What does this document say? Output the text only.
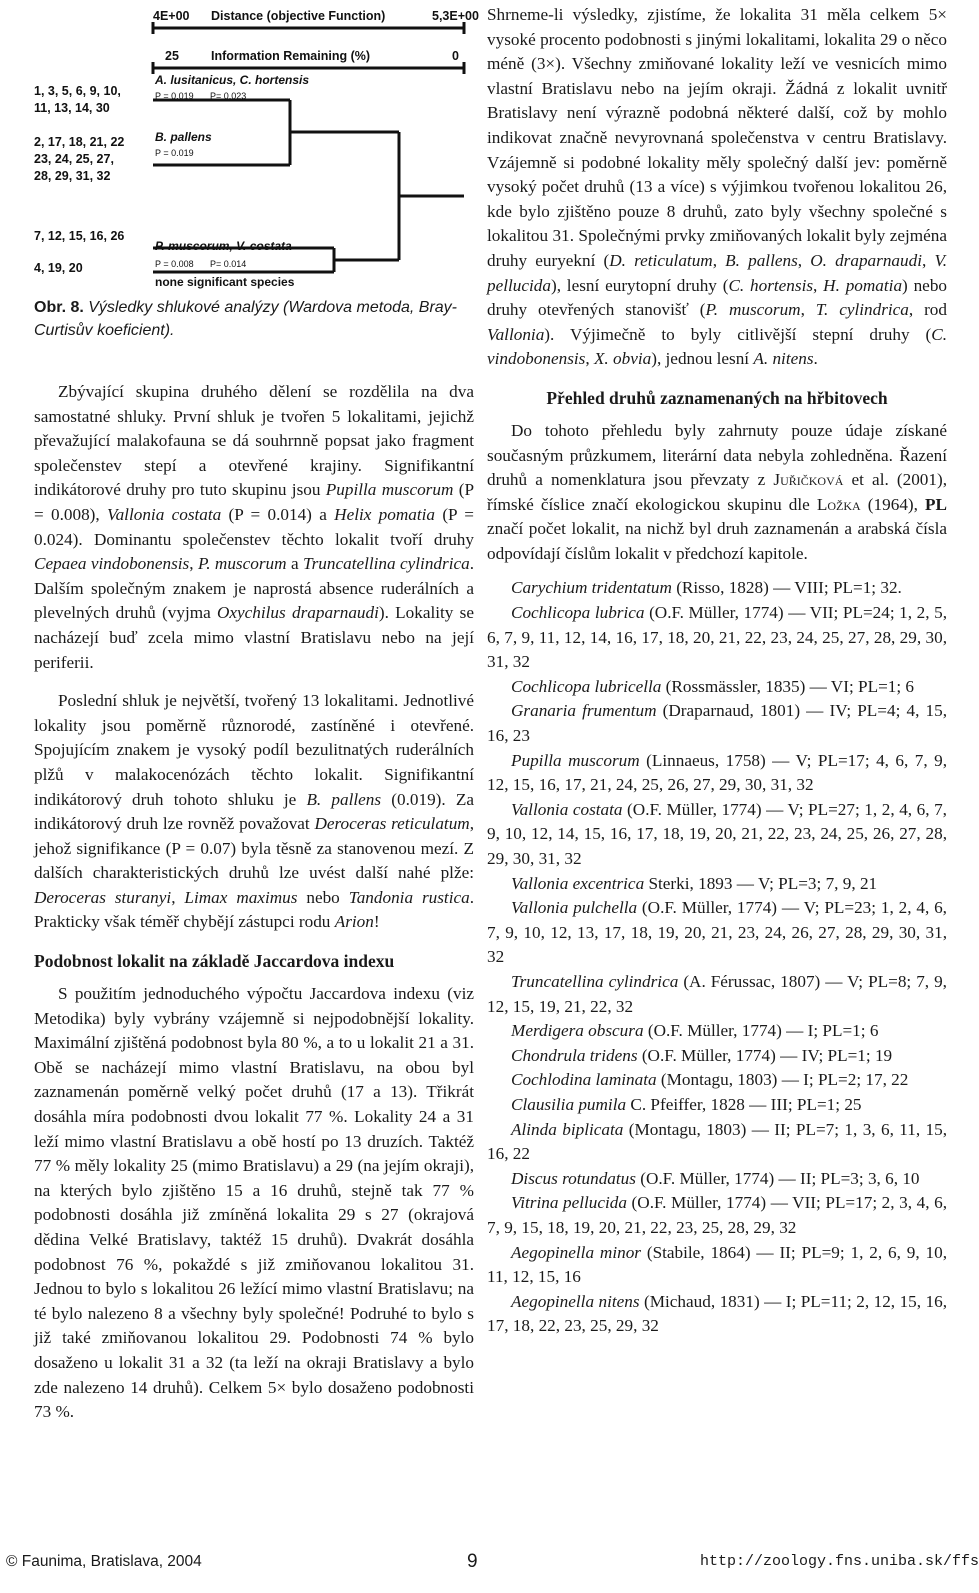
4E+00 Distance (objective Function)	5,3E+00
25	Information Remaining (%)	0
1, 3, 5, 6, 9, 10,
11, 13, 14, 30
2, 17, 18, 21, 22
23, 24, 25, 27,
28, 29, 31, 32
7, 12, 15, 16, 26
4, 19, 20
A. lusitanicus, C. hortensis
B. pallens
P. muscorum, V. costata
none significant species
P = 0.019 P= 0.023
P = 0.019
P = 0.008 P= 0.014

Obr. 8. Výsledky shlukové analýzy (Wardova metoda, Bray-Curtisův koeficient).

Zbývající skupina druhého dělení se rozdělila na dva samostatné shluky. První shluk je tvořen 5 lokalitami, jejichž převažující malakofauna se dá souhrnně popsat jako fragment společenstev stepí a otevřené krajiny. Signifikantní indikátorové druhy pro tuto skupinu jsou Pupilla muscorum (P = 0.008), Vallonia costata (P = 0.014) a Helix pomatia (P = 0.024). Dominantu společenstev těchto lokalit tvoří druhy Cepaea vindobonensis, P. muscorum a Truncatellina cylindrica. Dalším společným znakem je naprostá absence ruderálních a plevelných druhů (vyjma Oxychilus draparnaudi). Lokality se nacházejí buď zcela mimo vlastní Bratislavu nebo na její periferii.

Poslední shluk je největší, tvořený 13 lokalitami. Jednotlivé lokality jsou poměrně různorodé, zastíněné i otevřené. Spojujícím znakem je vysoký podíl bezulitnatých ruderálních plžů v malakocenózách těchto lokalit. Signifikantní indikátorový druh tohoto shluku je B. pallens (0.019). Za indikátorový druh lze rovněž považovat Deroceras reticulatum, jehož signifikance (P = 0.07) byla těsně za stanovenou mezí. Z dalších charakteristických druhů lze uvést další nahé plže: Deroceras sturanyi, Limax maximus nebo Tandonia rustica. Prakticky však téměř chybějí zástupci rodu Arion!

Podobnost lokalit na základě Jaccardova indexu

S použitím jednoduchého výpočtu Jaccardova indexu (viz Metodika) byly vybrány vzájemně si nejpodobnější lokality. Maximální zjištěná podobnost byla 80 %, a to u lokalit 21 a 31. Obě se nacházejí mimo vlastní Bratislavu, na obou byl zaznamenán poměrně velký počet druhů (17 a 13). Třikrát dosáhla míra podobnosti dvou lokalit 77 %. Lokality 24 a 31 leží mimo vlastní Bratislavu a obě hostí po 13 druzích. Taktéž 77 % měly lokality 25 (mimo Bratislavu) a 29 (na jejím okraji), na kterých bylo zjištěno 15 a 16 druhů, stejně tak 77 % podobnosti dosáhla již zmíněná lokalita 29 s 27 (okrajová dědina Velké Bratislavy, taktéž 15 druhů). Dvakrát dosáhla podobnost 76 %, pokaždé s již zmiňovanou lokalitou 31. Jednou to bylo s lokalitou 26 ležící mimo vlastní Bratislavu; na té bylo nalezeno 8 a všechny byly společné! Podruhé to bylo s již také zmiňovanou lokalitou 29. Podobnosti 74 % bylo dosaženo u lokalit 31 a 32 (ta leží na okraji Bratislavy a bylo zde nalezeno 14 druhů). Celkem 5× bylo dosaženo podobnosti 73 %.

Shrneme-li výsledky, zjistíme, že lokalita 31 měla celkem 5× vysoké procento podobnosti s jinými lokalitami, lokalita 29 o něco méně (3×). Všechny zmiňované lokality leží ve vesnicích mimo vlastní Bratislavu nebo na jejím okraji. Žádná z lokalit uvnitř Bratislavy není výrazně podobná některé další, což by mohlo indikovat značně nevyrovnaná společenstva v centru Bratislavy. Vzájemně si podobné lokality měly společný další jev: poměrně vysoký počet druhů (13 a více) s výjimkou tvořenou lokalitou 26, kde bylo zjištěno pouze 8 druhů, zato byly všechny společné s lokalitou 31. Společnými prvky zmiňovaných lokalit byly zejména druhy euryekní (D. reticulatum, B. pallens, O. draparnaudi, V. pellucida), lesní eurytopní druhy (C. hortensis, H. pomatia) nebo druhy otevřených stanovišť (P. muscorum, T. cylindrica, rod Vallonia). Výjimečně to byly citlivější stepní druhy (C. vindobonensis, X. obvia), jednou lesní A. nitens.

Přehled druhů zaznamenaných na hřbitovech

Do tohoto přehledu byly zahrnuty pouze údaje získané současným průzkumem, literární data nebyla zohledněna. Řazení druhů a nomenklatura jsou převzaty z Juřičková et al. (2001), římské číslice značí ekologickou skupinu dle Ložka (1964), PL značí počet lokalit, na nichž byl druh zaznamenán a arabská čísla odpovídají číslům lokalit v předchozí kapitole.

Carychium tridentatum (Risso, 1828) — VIII; PL=1; 32.

Cochlicopa lubrica (O.F. Müller, 1774) — VII; PL=24; 1, 2, 5, 6, 7, 9, 11, 12, 14, 16, 17, 18, 20, 21, 22, 23, 24, 25, 27, 28, 29, 30, 31, 32

Cochlicopa lubricella (Rossmässler, 1835) — VI; PL=1; 6

Granaria frumentum (Draparnaud, 1801) — IV; PL=4; 4, 15, 16, 23

Pupilla muscorum (Linnaeus, 1758) — V; PL=17; 4, 6, 7, 9, 12, 15, 16, 17, 21, 24, 25, 26, 27, 29, 30, 31, 32

Vallonia costata (O.F. Müller, 1774) — V; PL=27; 1, 2, 4, 6, 7, 9, 10, 12, 14, 15, 16, 17, 18, 19, 20, 21, 22, 23, 24, 25, 26, 27, 28, 29, 30, 31, 32

Vallonia excentrica Sterki, 1893 — V; PL=3; 7, 9, 21

Vallonia pulchella (O.F. Müller, 1774) — V; PL=23; 1, 2, 4, 6, 7, 9, 10, 12, 13, 17, 18, 19, 20, 21, 23, 24, 26, 27, 28, 29, 30, 31, 32

Truncatellina cylindrica (A. Férussac, 1807) — V; PL=8; 7, 9, 12, 15, 19, 21, 22, 32

Merdigera obscura (O.F. Müller, 1774) — I; PL=1; 6

Chondrula tridens (O.F. Müller, 1774) — IV; PL=1; 19

Cochlodina laminata (Montagu, 1803) — I; PL=2; 17, 22

Clausilia pumila C. Pfeiffer, 1828 — III; PL=1; 25

Alinda biplicata (Montagu, 1803) — II; PL=7; 1, 3, 6, 11, 15, 16, 22

Discus rotundatus (O.F. Müller, 1774) — II; PL=3; 3, 6, 10

Vitrina pellucida (O.F. Müller, 1774) — VII; PL=17; 2, 3, 4, 6, 7, 9, 15, 18, 19, 20, 21, 22, 23, 25, 28, 29, 32

Aegopinella minor (Stabile, 1864) — II; PL=9; 1, 2, 6, 9, 10, 11, 12, 15, 16

Aegopinella nitens (Michaud, 1831) — I; PL=11; 2, 12, 15, 16, 17, 18, 22, 23, 25, 29, 32

© Faunima, Bratislava, 2004	9	http://zoology.fns.uniba.sk/ffs
